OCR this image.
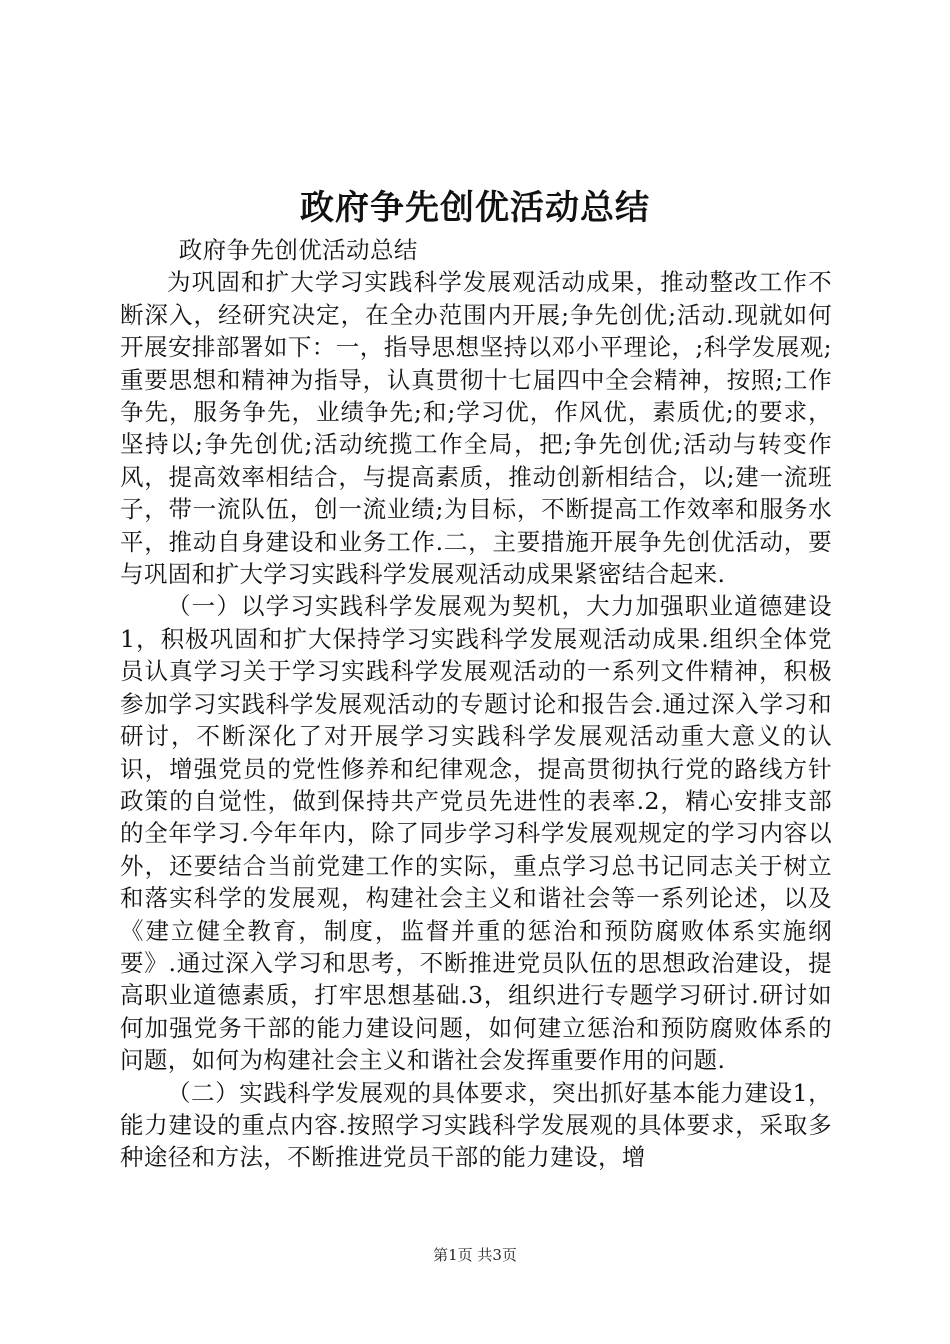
政府争先创优活动总结

政府争先创优活动总结

为巩固和扩大学习实践科学发展观活动成果，推动整改工作不断深入，经研究决定，在全办范围内开展;争先创优;活动.现就如何开展安排部署如下：一，指导思想坚持以邓小平理论，;科学发展观;重要思想和精神为指导，认真贯彻十七届四中全会精神，按照;工作争先，服务争先，业绩争先;和;学习优，作风优，素质优;的要求，坚持以;争先创优;活动统揽工作全局，把;争先创优;活动与转变作风，提高效率相结合，与提高素质，推动创新相结合，以;建一流班子，带一流队伍，创一流业绩;为目标，不断提高工作效率和服务水平，推动自身建设和业务工作.二，主要措施开展争先创优活动，要与巩固和扩大学习实践科学发展观活动成果紧密结合起来.

（一）以学习实践科学发展观为契机，大力加强职业道德建设1，积极巩固和扩大保持学习实践科学发展观活动成果.组织全体党员认真学习关于学习实践科学发展观活动的一系列文件精神，积极参加学习实践科学发展观活动的专题讨论和报告会.通过深入学习和研讨，不断深化了对开展学习实践科学发展观活动重大意义的认识，增强党员的党性修养和纪律观念，提高贯彻执行党的路线方针政策的自觉性，做到保持共产党员先进性的表率.2，精心安排支部的全年学习.今年年内，除了同步学习科学发展观规定的学习内容以外，还要结合当前党建工作的实际，重点学习总书记同志关于树立和落实科学的发展观，构建社会主义和谐社会等一系列论述，以及《建立健全教育，制度，监督并重的惩治和预防腐败体系实施纲要》.通过深入学习和思考，不断推进党员队伍的思想政治建设，提高职业道德素质，打牢思想基础.3，组织进行专题学习研讨.研讨如何加强党务干部的能力建设问题，如何建立惩治和预防腐败体系的问题，如何为构建社会主义和谐社会发挥重要作用的问题.

（二）实践科学发展观的具体要求，突出抓好基本能力建设1，能力建设的重点内容.按照学习实践科学发展观的具体要求，采取多种途径和方法，不断推进党员干部的能力建设，增

第1页 共3页
